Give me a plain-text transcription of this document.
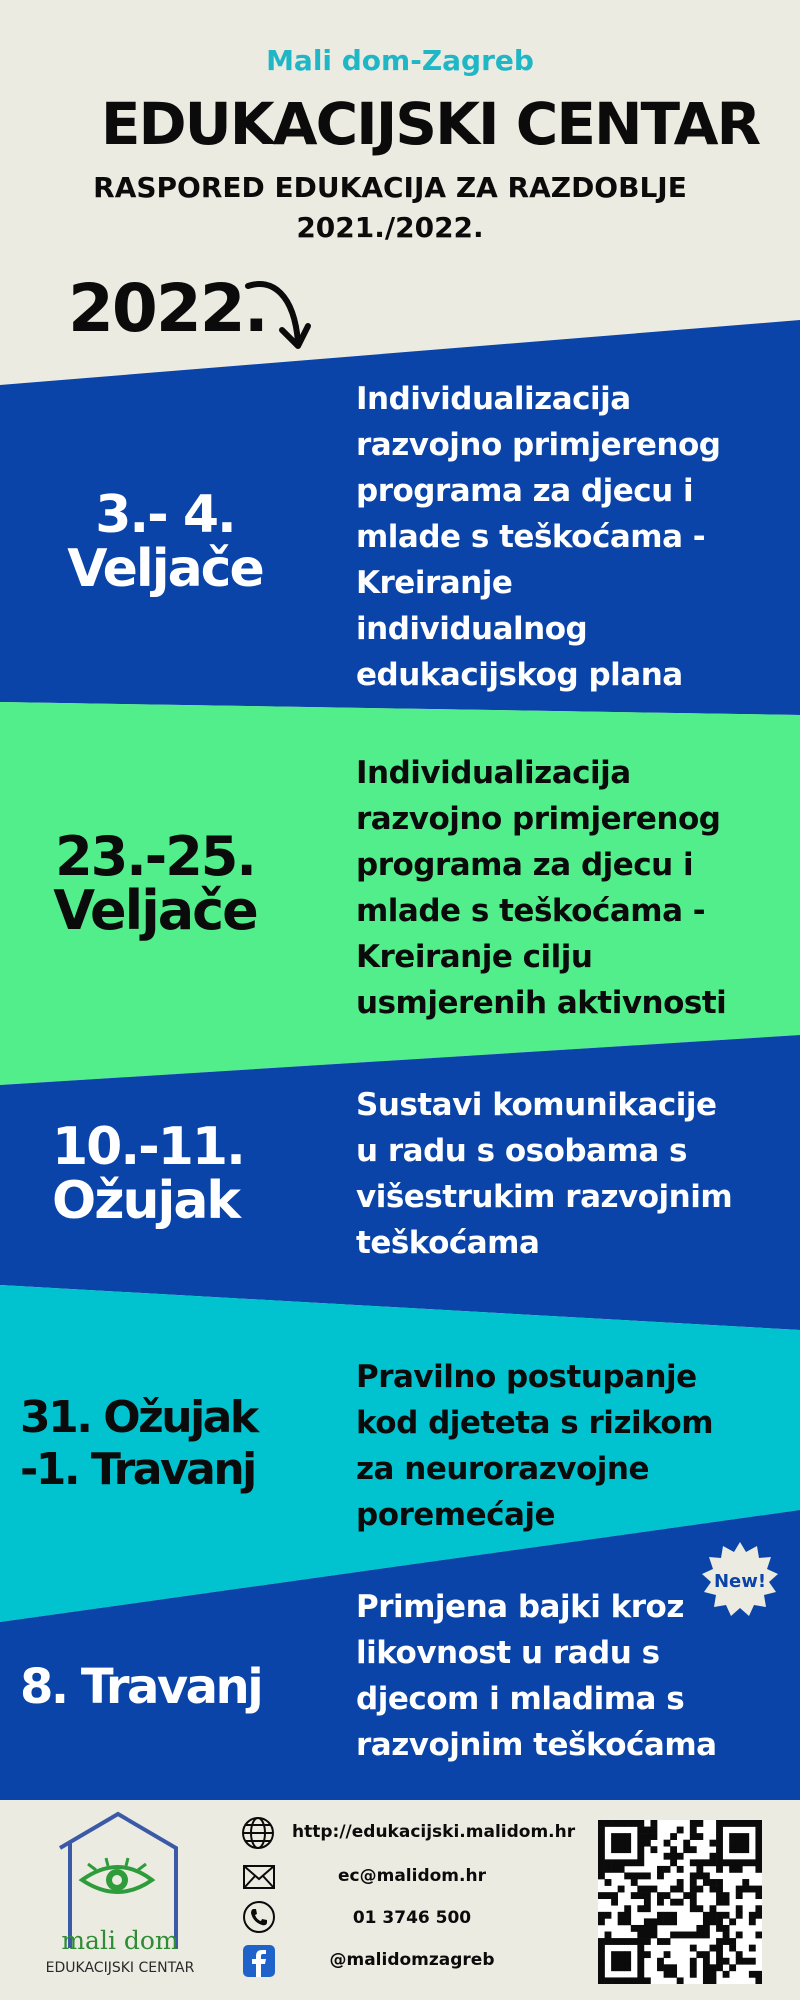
Mali dom-Zagreb
EDUKACIJSKI CENTAR
RASPORED EDUKACIJA ZA RAZDOBLJE
2021./2022.
2022.
3.- 4.
Veljače
Individualizacija
razvojno primjerenog
programa za djecu i
mlade s teškoćama -
Kreiranje
individualnog
edukacijskog plana
23.-25.
Veljače
Individualizacija
razvojno primjerenog
programa za djecu i
mlade s teškoćama -
Kreiranje cilju
usmjerenih aktivnosti
10.-11.
Ožujak
Sustavi komunikacije
u radu s osobama s
višestrukim razvojnim
teškoćama
31. Ožujak
-1. Travanj
Pravilno postupanje
kod djeteta s rizikom
za neurorazvojne
poremećaje
8. Travanj
New!
Primjena bajki kroz
likovnost u radu s
djecom i mladima s
razvojnim teškoćama
mali dom
EDUKACIJSKI CENTAR
http://edukacijski.malidom.hr
ec@malidom.hr
01 3746 500
@malidomzagreb
